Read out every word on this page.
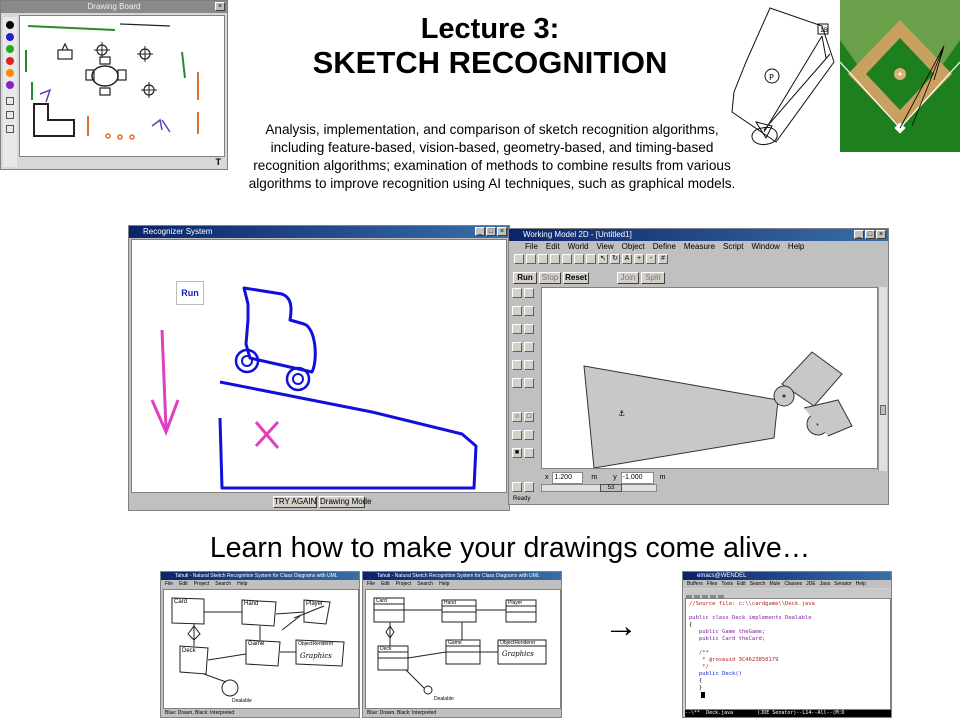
Drawing Board	×
T
Lecture 3:
SKETCH RECOGNITION
Analysis, implementation, and comparison of sketch recognition algorithms, including feature-based, vision-based, geometry-based, and timing-based recognition algorithms; examination of methods to combine results from various algorithms to improve recognition using AI techniques, such as graphical models.
P
1B
Recognizer System	_ □ ×
Run
TRY AGAIN Drawing Mode
Working Model 2D - [Untitled1]	_ □ ×
File Edit World View Object Define Measure Script Window Help
↖ ↻ A + - #
Run	Stop Reset	Join	Split

○ □  ■

⚓
x 1.200	m y -1.000 m
53
Ready
Learn how to make your drawings come alive…
Tahuti - Natural Sketch Recognition System for Class Diagrams with UML
File Edit Project Search Help
Card	Hand	Player
Game	ObjectRenderer
Deck
Dealable
Graphics
Blue: Drawn, Black: Interpreted
Tahuti - Natural Sketch Recognition System for Class Diagrams with UML
File Edit Project Search Help
Card	Hand	Player
Game	ObjectRenderer
Deck
Dealable
Graphics
Blue: Drawn, Black: Interpreted
→
emacs@WENDEL
Buffers Files Tools Edit Search Mule Classes JDE Java Senator Help
//Source file: c:\\cardgame\\Deck.java
public class Deck implements Dealable
{
public Game theGame;
public Card theCard;
/**
* @roseuid 3C4623850179
*/
public Deck()
{
}
--\**  Deck.java        (JDE Senator)--L14--All--(M:D
